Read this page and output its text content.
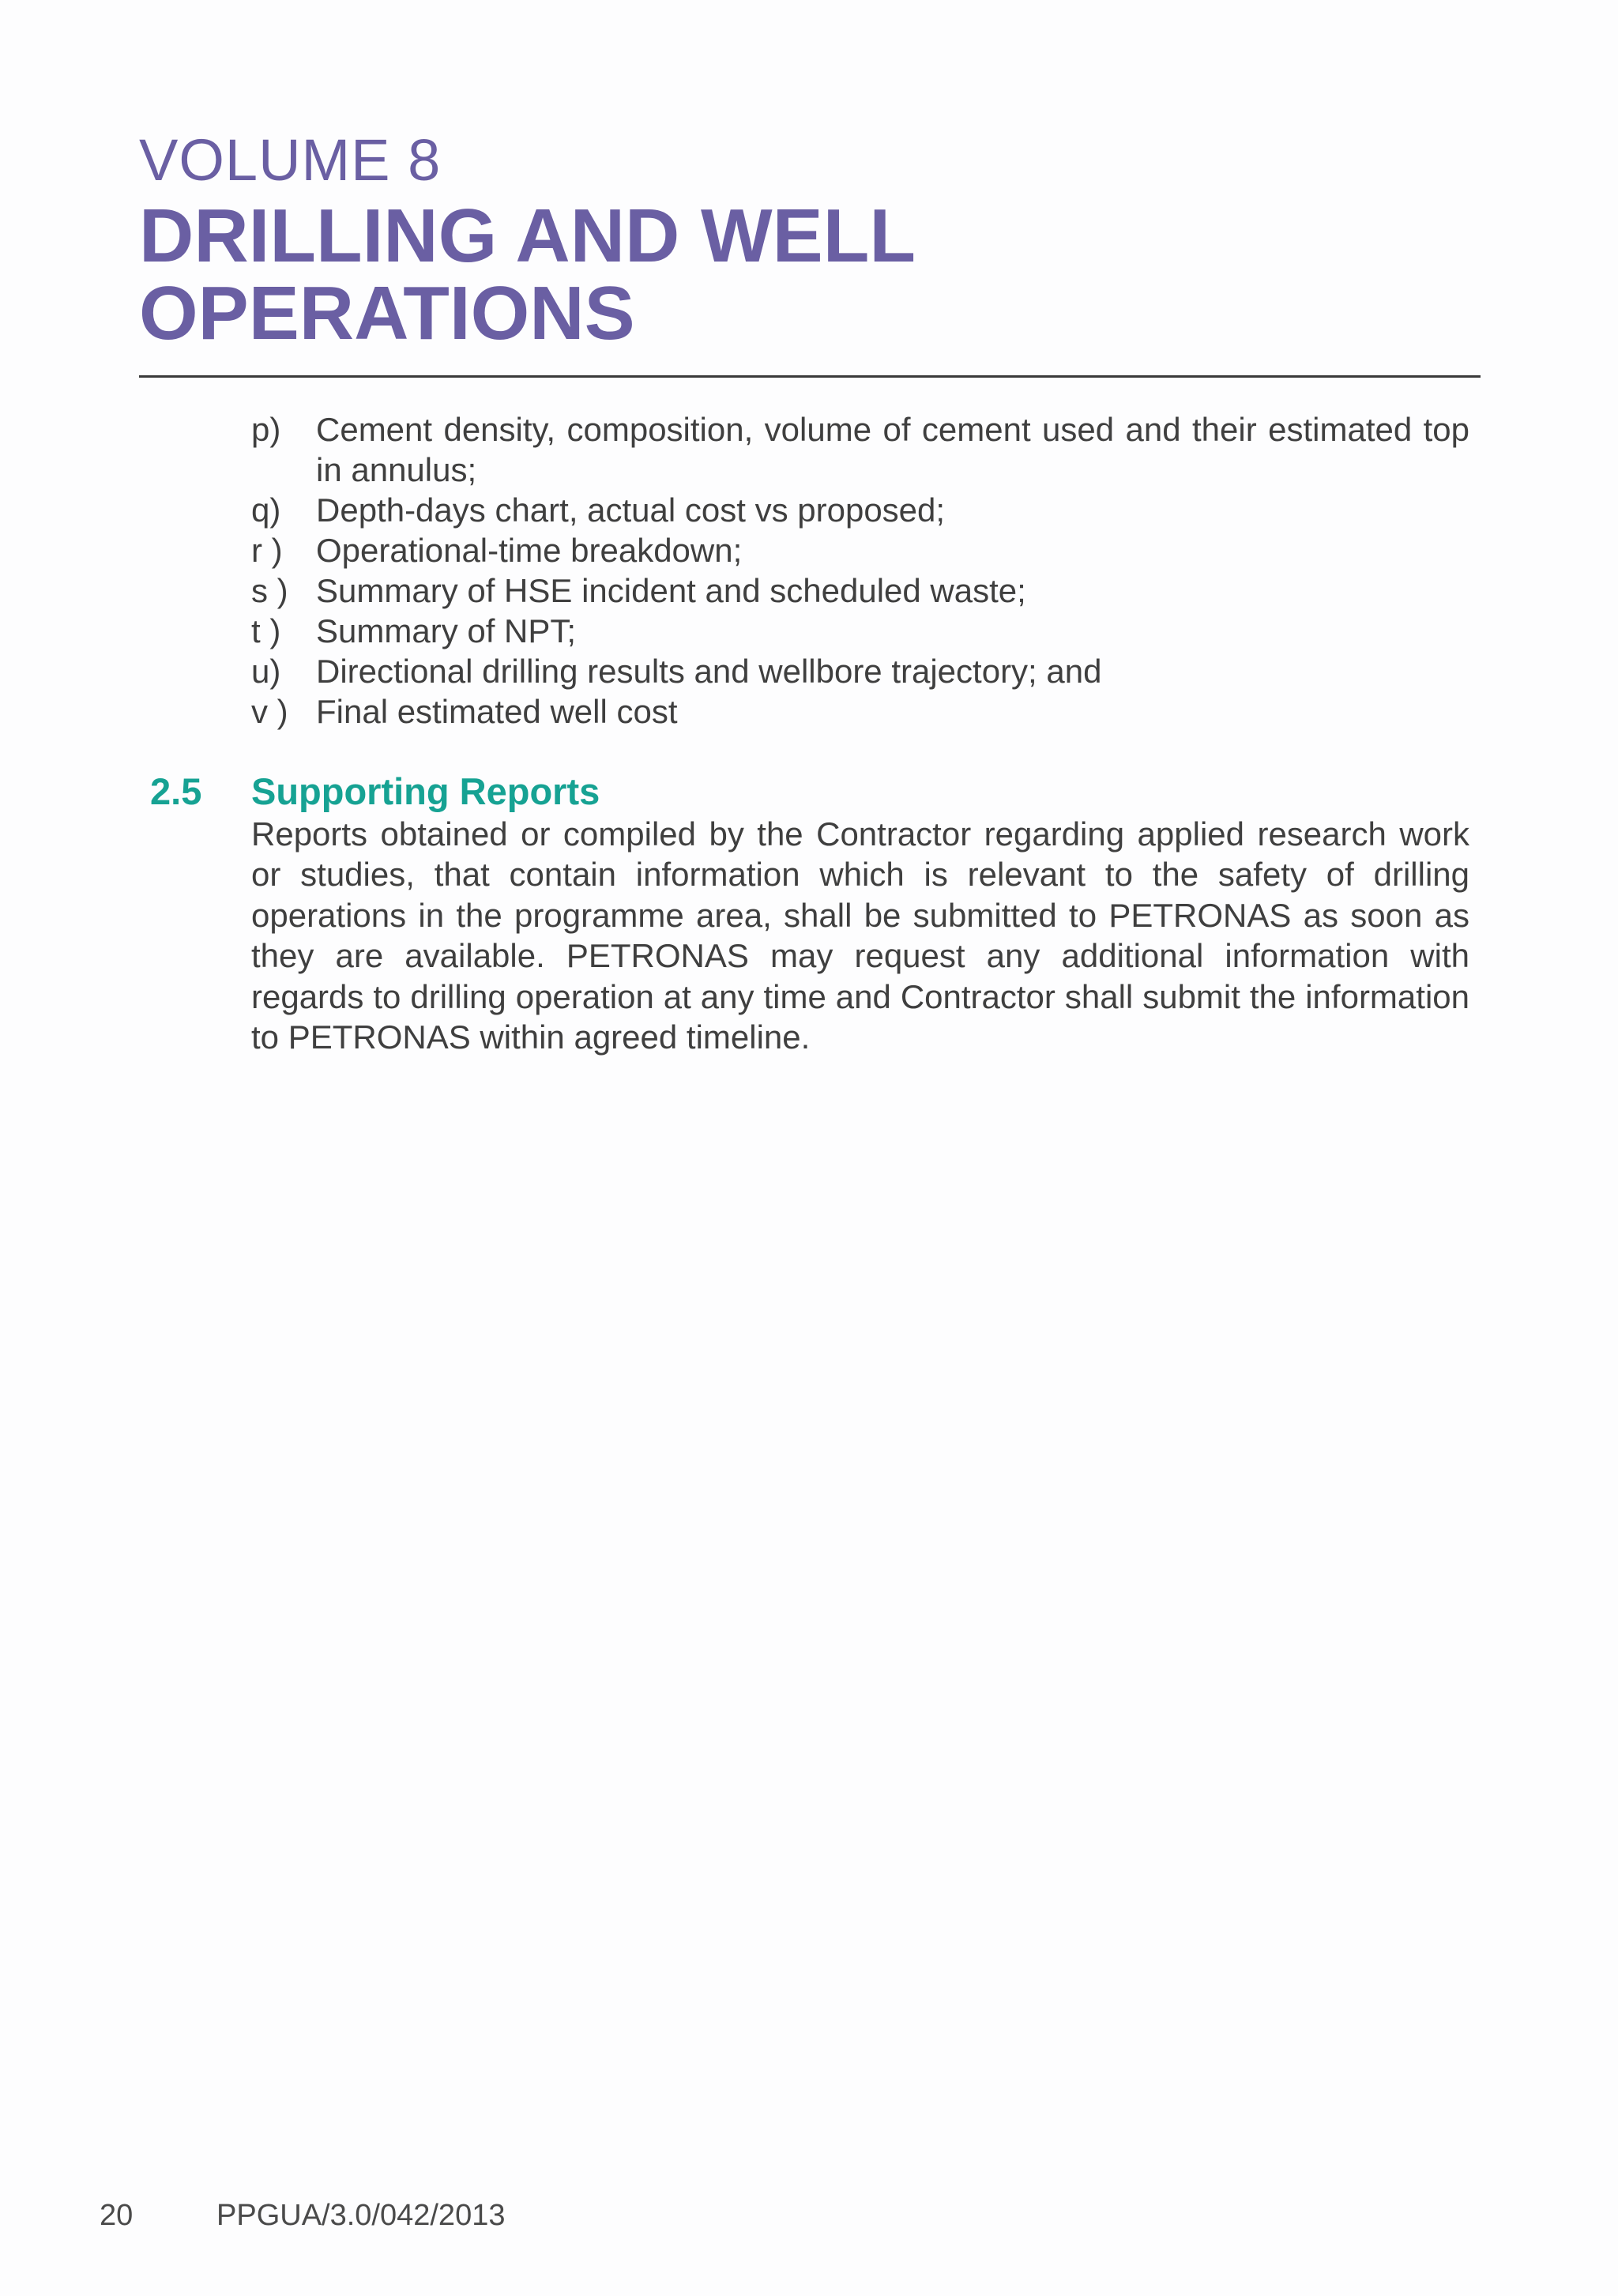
VOLUME 8
DRILLING AND WELL
OPERATIONS
p)	Cement density, composition, volume of cement used and their estimated top in annulus;
q)	Depth-days chart, actual cost vs proposed;
r )	Operational-time breakdown;
s ) Summary of HSE incident and scheduled waste;
t )	Summary of NPT;
u)	Directional drilling results and wellbore trajectory; and
v ) Final estimated well cost
2.5	Supporting Reports
Reports obtained or compiled by the Contractor regarding applied research work or studies, that contain information which is relevant to the safety of drilling operations in the programme area, shall be submitted to PETRONAS as soon as they are available. PETRONAS may request any additional information with regards to drilling operation at any time and Contractor shall submit the information to PETRONAS within agreed timeline.
20	PPGUA/3.0/042/2013
